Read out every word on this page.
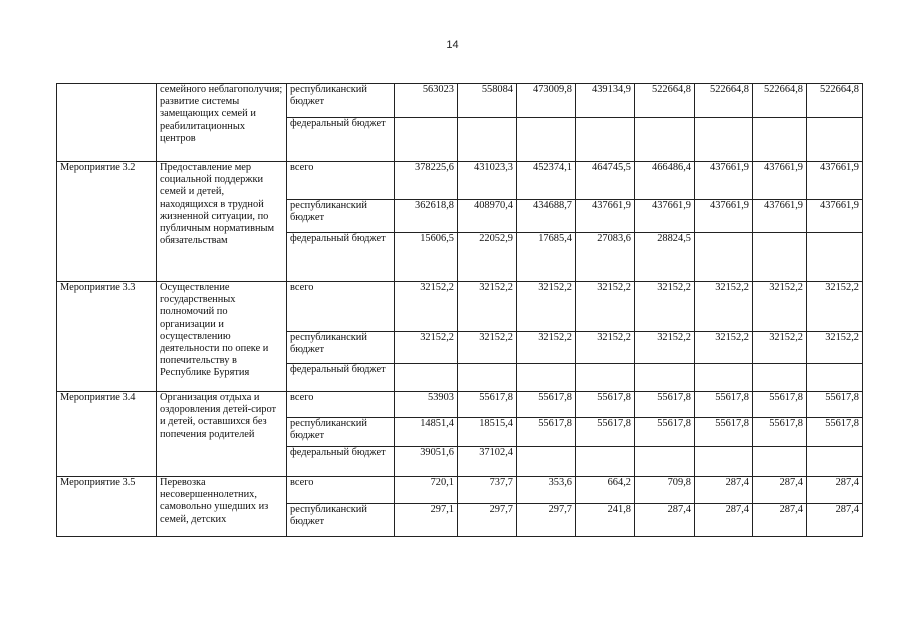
14
	семейного неблагополучия; развитие системы замещающих семей и реабилитационных центров	республиканский бюджет	563023	558084	473009,8	439134,9	522664,8	522664,8	522664,8	522664,8
		федеральный бюджет								
Мероприятие 3.2	Предоставление мер социальной поддержки семей и детей, находящихся в трудной жизненной ситуации, по публичным нормативным обязательствам	всего	378225,6	431023,3	452374,1	464745,5	466486,4	437661,9	437661,9	437661,9
		республиканский бюджет	362618,8	408970,4	434688,7	437661,9	437661,9	437661,9	437661,9	437661,9
		федеральный бюджет	15606,5	22052,9	17685,4	27083,6	28824,5			
Мероприятие 3.3	Осуществление государственных полномочий по организации и осуществлению деятельности по опеке и попечительству в Республике Бурятия	всего	32152,2	32152,2	32152,2	32152,2	32152,2	32152,2	32152,2	32152,2
		республиканский бюджет	32152,2	32152,2	32152,2	32152,2	32152,2	32152,2	32152,2	32152,2
		федеральный бюджет								
Мероприятие 3.4	Организация отдыха и оздоровления детей-сирот и детей, оставшихся без попечения родителей	всего	53903	55617,8	55617,8	55617,8	55617,8	55617,8	55617,8	55617,8
		республиканский бюджет	14851,4	18515,4	55617,8	55617,8	55617,8	55617,8	55617,8	55617,8
		федеральный бюджет	39051,6	37102,4						
Мероприятие 3.5	Перевозка несовершеннолетних, самовольно ушедших из семей, детских	всего	720,1	737,7	353,6	664,2	709,8	287,4	287,4	287,4
		республиканский бюджет	297,1	297,7	297,7	241,8	287,4	287,4	287,4	287,4
